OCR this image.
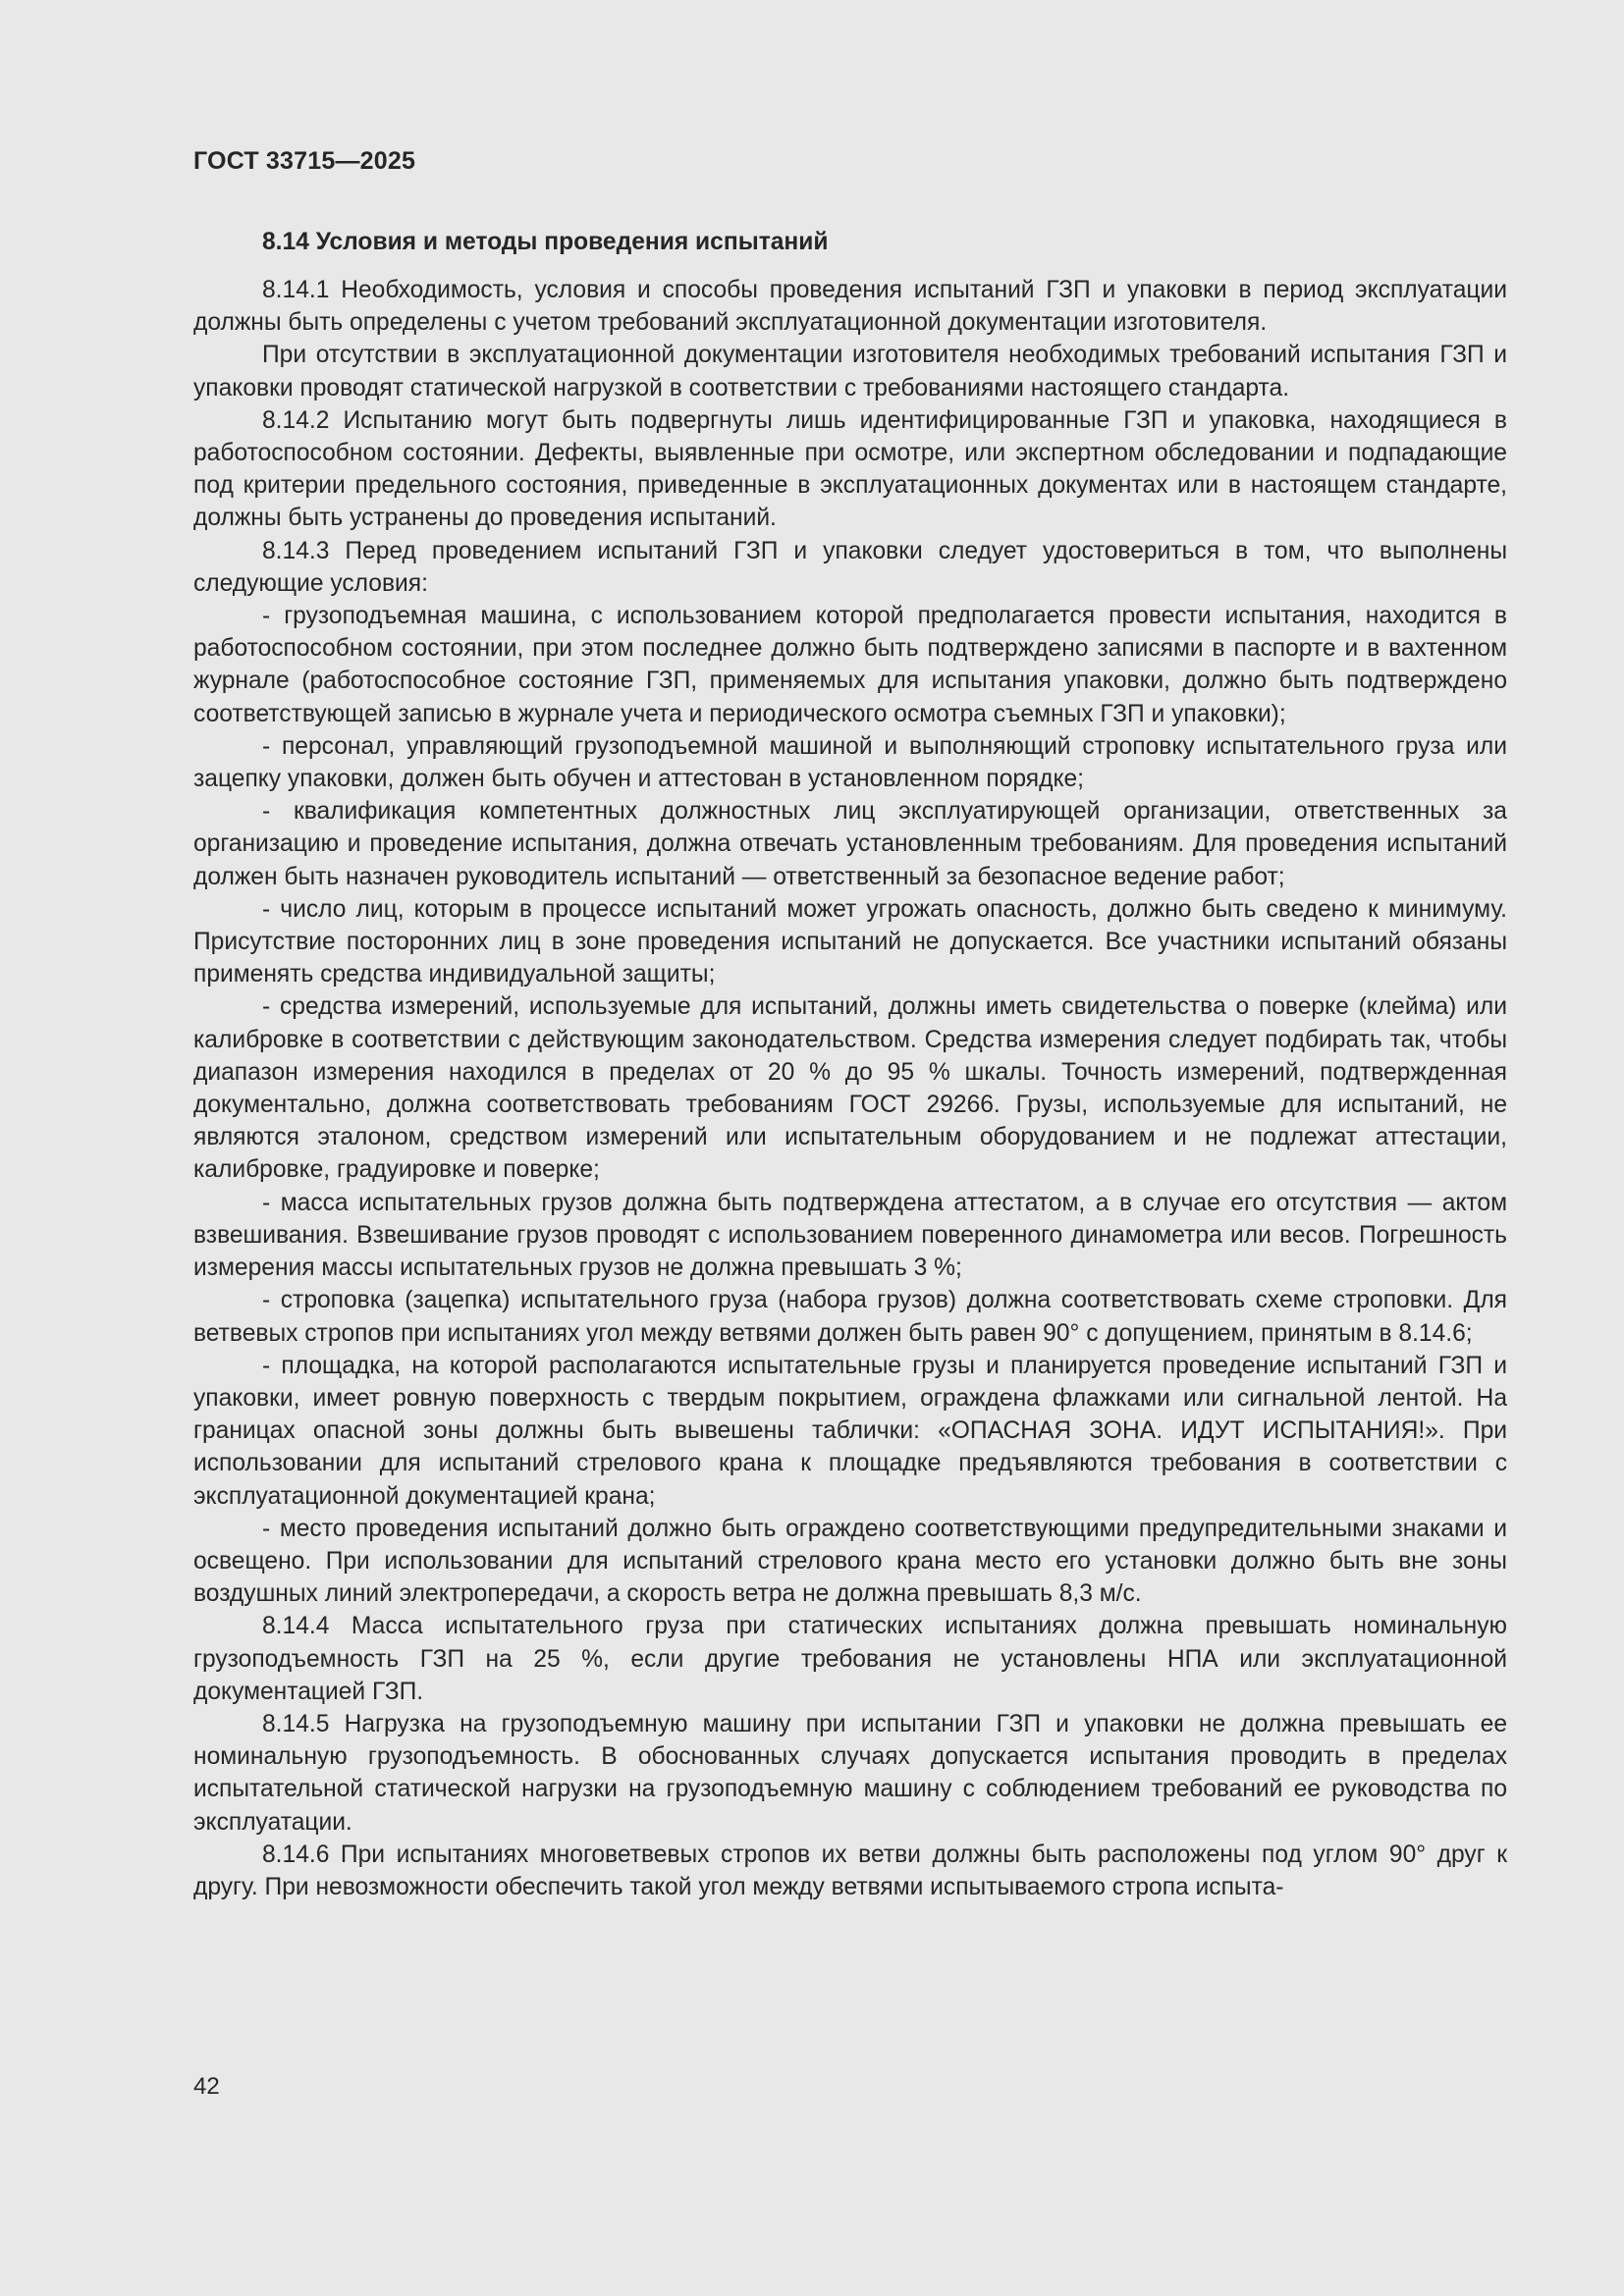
ГОСТ 33715—2025
8.14 Условия и методы проведения испытаний

8.14.1 Необходимость, условия и способы проведения испытаний ГЗП и упаковки в период эксплуатации должны быть определены с учетом требований эксплуатационной документации изготовителя.

При отсутствии в эксплуатационной документации изготовителя необходимых требований испытания ГЗП и упаковки проводят статической нагрузкой в соответствии с требованиями настоящего стандарта.

8.14.2 Испытанию могут быть подвергнуты лишь идентифицированные ГЗП и упаковка, находящиеся в работоспособном состоянии. Дефекты, выявленные при осмотре, или экспертном обследовании и подпадающие под критерии предельного состояния, приведенные в эксплуатационных документах или в настоящем стандарте, должны быть устранены до проведения испытаний.

8.14.3 Перед проведением испытаний ГЗП и упаковки следует удостовериться в том, что выполнены следующие условия:

- грузоподъемная машина, с использованием которой предполагается провести испытания, находится в работоспособном состоянии, при этом последнее должно быть подтверждено записями в паспорте и в вахтенном журнале (работоспособное состояние ГЗП, применяемых для испытания упаковки, должно быть подтверждено соответствующей записью в журнале учета и периодического осмотра съемных ГЗП и упаковки);

- персонал, управляющий грузоподъемной машиной и выполняющий строповку испытательного груза или зацепку упаковки, должен быть обучен и аттестован в установленном порядке;

- квалификация компетентных должностных лиц эксплуатирующей организации, ответственных за организацию и проведение испытания, должна отвечать установленным требованиям. Для проведения испытаний должен быть назначен руководитель испытаний — ответственный за безопасное ведение работ;

- число лиц, которым в процессе испытаний может угрожать опасность, должно быть сведено к минимуму. Присутствие посторонних лиц в зоне проведения испытаний не допускается. Все участники испытаний обязаны применять средства индивидуальной защиты;

- средства измерений, используемые для испытаний, должны иметь свидетельства о поверке (клейма) или калибровке в соответствии с действующим законодательством. Средства измерения следует подбирать так, чтобы диапазон измерения находился в пределах от 20 % до 95 % шкалы. Точность измерений, подтвержденная документально, должна соответствовать требованиям ГОСТ 29266. Грузы, используемые для испытаний, не являются эталоном, средством измерений или испытательным оборудованием и не подлежат аттестации, калибровке, градуировке и поверке;

- масса испытательных грузов должна быть подтверждена аттестатом, а в случае его отсутствия — актом взвешивания. Взвешивание грузов проводят с использованием поверенного динамометра или весов. Погрешность измерения массы испытательных грузов не должна превышать 3 %;

- строповка (зацепка) испытательного груза (набора грузов) должна соответствовать схеме строповки. Для ветвевых стропов при испытаниях угол между ветвями должен быть равен 90° с допущением, принятым в 8.14.6;

- площадка, на которой располагаются испытательные грузы и планируется проведение испытаний ГЗП и упаковки, имеет ровную поверхность с твердым покрытием, ограждена флажками или сигнальной лентой. На границах опасной зоны должны быть вывешены таблички: «ОПАСНАЯ ЗОНА. ИДУТ ИСПЫТАНИЯ!». При использовании для испытаний стрелового крана к площадке предъявляются требования в соответствии с эксплуатационной документацией крана;

- место проведения испытаний должно быть ограждено соответствующими предупредительными знаками и освещено. При использовании для испытаний стрелового крана место его установки должно быть вне зоны воздушных линий электропередачи, а скорость ветра не должна превышать 8,3 м/с.

8.14.4 Масса испытательного груза при статических испытаниях должна превышать номинальную грузоподъемность ГЗП на 25 %, если другие требования не установлены НПА или эксплуатационной документацией ГЗП.

8.14.5 Нагрузка на грузоподъемную машину при испытании ГЗП и упаковки не должна превышать ее номинальную грузоподъемность. В обоснованных случаях допускается испытания проводить в пределах испытательной статической нагрузки на грузоподъемную машину с соблюдением требований ее руководства по эксплуатации.

8.14.6 При испытаниях многоветвевых стропов их ветви должны быть расположены под углом 90° друг к другу. При невозможности обеспечить такой угол между ветвями испытываемого стропа испыта-

42
